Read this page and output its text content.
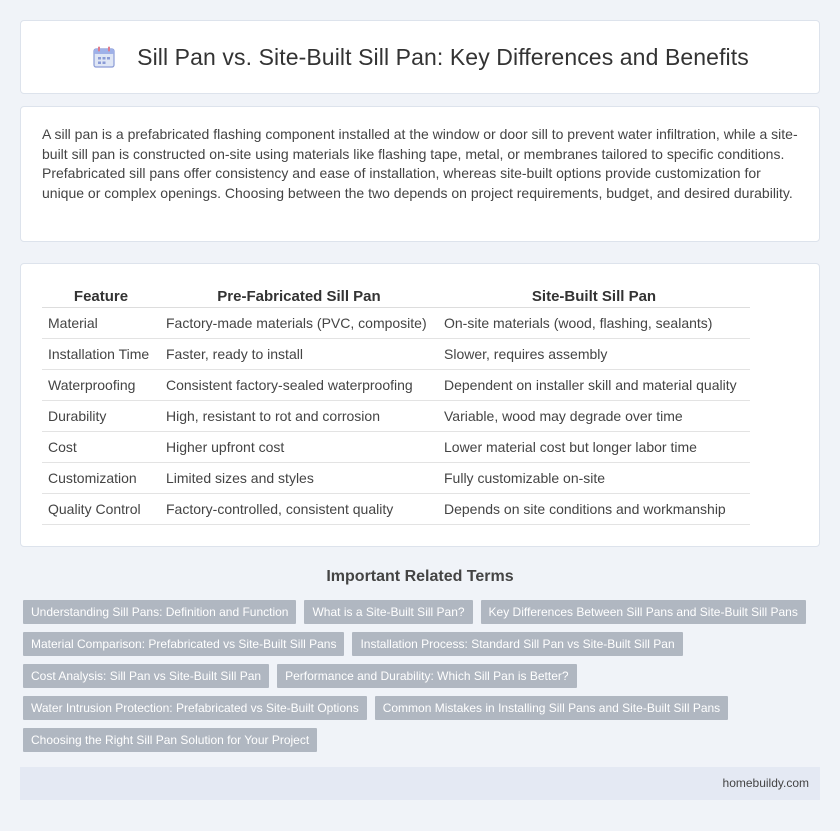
Sill Pan vs. Site-Built Sill Pan: Key Differences and Benefits

A sill pan is a prefabricated flashing component installed at the window or door sill to prevent water infiltration, while a site-built sill pan is constructed on-site using materials like flashing tape, metal, or membranes tailored to specific conditions. Prefabricated sill pans offer consistency and ease of installation, whereas site-built options provide customization for unique or complex openings. Choosing between the two depends on project requirements, budget, and desired durability.

Feature	Pre-Fabricated Sill Pan	Site-Built Sill Pan
Material	Factory-made materials (PVC, composite)	On-site materials (wood, flashing, sealants)
Installation Time	Faster, ready to install	Slower, requires assembly
Waterproofing	Consistent factory-sealed waterproofing	Dependent on installer skill and material quality
Durability	High, resistant to rot and corrosion	Variable, wood may degrade over time
Cost	Higher upfront cost	Lower material cost but longer labor time
Customization	Limited sizes and styles	Fully customizable on-site
Quality Control	Factory-controlled, consistent quality	Depends on site conditions and workmanship
Important Related Terms
Understanding Sill Pans: Definition and Function	What is a Site-Built Sill Pan?	Key Differences Between Sill Pans and Site-Built Sill Pans
Material Comparison: Prefabricated vs Site-Built Sill Pans	Installation Process: Standard Sill Pan vs Site-Built Sill Pan
Cost Analysis: Sill Pan vs Site-Built Sill Pan	Performance and Durability: Which Sill Pan is Better?
Water Intrusion Protection: Prefabricated vs Site-Built Options	Common Mistakes in Installing Sill Pans and Site-Built Sill Pans
Choosing the Right Sill Pan Solution for Your Project
homebuildy.com
